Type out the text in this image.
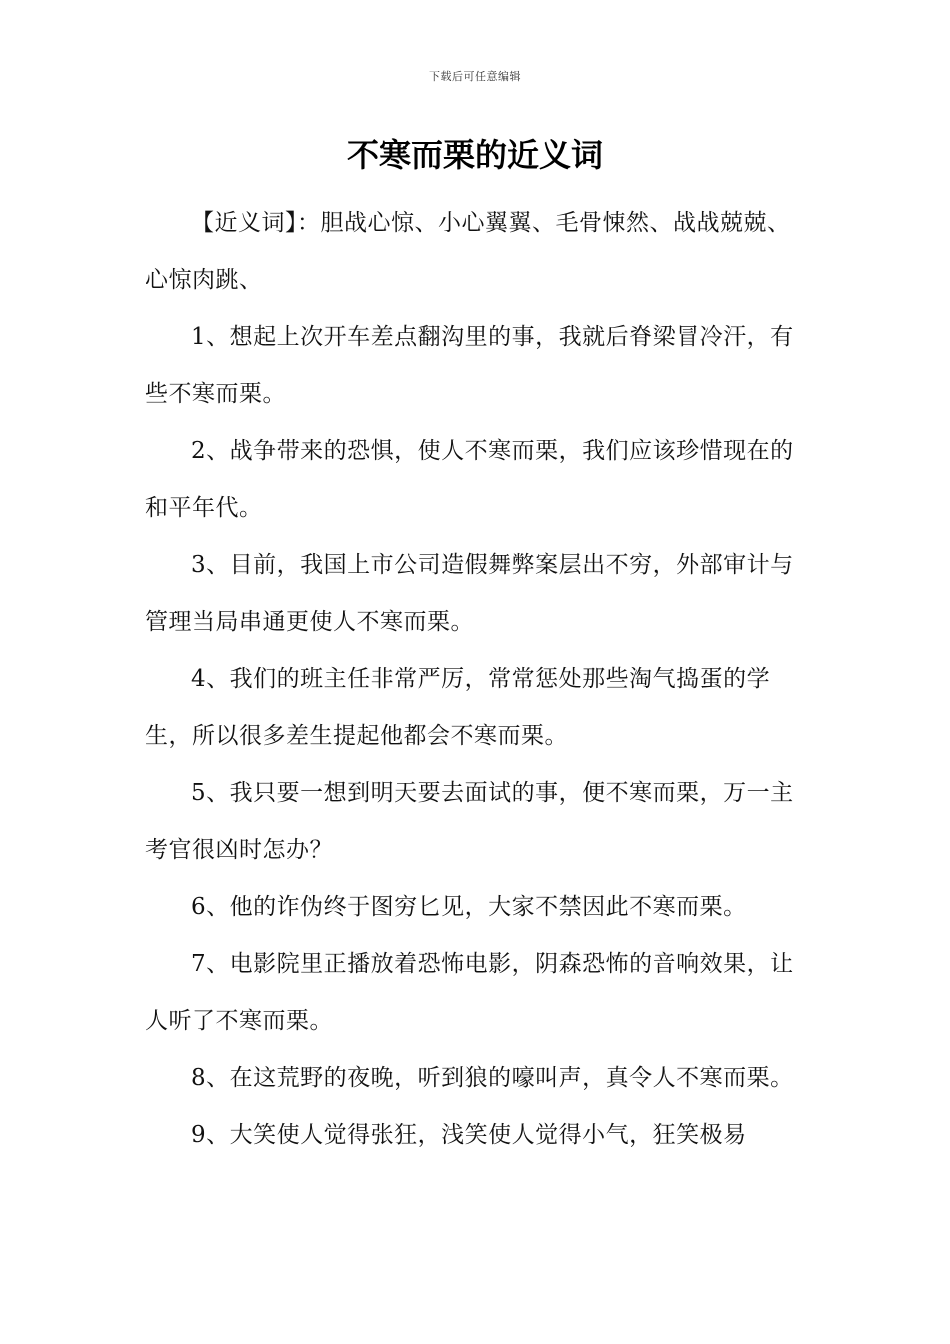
下载后可任意编辑
不寒而栗的近义词

【近义词】：胆战心惊、小心翼翼、毛骨悚然、战战兢兢、心惊肉跳、

1、想起上次开车差点翻沟里的事，我就后脊梁冒冷汗，有些不寒而栗。

2、战争带来的恐惧，使人不寒而栗，我们应该珍惜现在的和平年代。

3、目前，我国上市公司造假舞弊案层出不穷，外部审计与管理当局串通更使人不寒而栗。

4、我们的班主任非常严厉，常常惩处那些淘气捣蛋的学生，所以很多差生提起他都会不寒而栗。

5、我只要一想到明天要去面试的事，便不寒而栗，万一主考官很凶时怎办？

6、他的诈伪终于图穷匕见，大家不禁因此不寒而栗。

7、电影院里正播放着恐怖电影，阴森恐怖的音响效果，让人听了不寒而栗。

8、在这荒野的夜晚，听到狼的嚎叫声，真令人不寒而栗。

9、大笑使人觉得张狂，浅笑使人觉得小气，狂笑极易
